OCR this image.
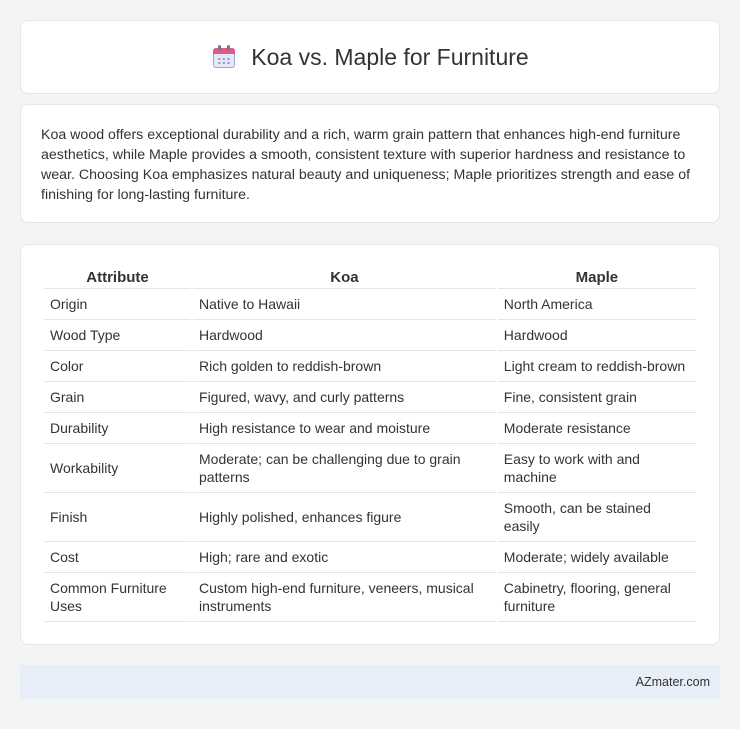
Koa vs. Maple for Furniture

Koa wood offers exceptional durability and a rich, warm grain pattern that enhances high-end furniture aesthetics, while Maple provides a smooth, consistent texture with superior hardness and resistance to wear. Choosing Koa emphasizes natural beauty and uniqueness; Maple prioritizes strength and ease of finishing for long-lasting furniture.

Attribute	Koa	Maple
Origin	Native to Hawaii	North America
Wood Type	Hardwood	Hardwood
Color	Rich golden to reddish-brown	Light cream to reddish-brown
Grain	Figured, wavy, and curly patterns	Fine, consistent grain
Durability	High resistance to wear and moisture	Moderate resistance
Workability	Moderate; can be challenging due to grain patterns	Easy to work with and machine
Finish	Highly polished, enhances figure	Smooth, can be stained easily
Cost	High; rare and exotic	Moderate; widely available
Common Furniture Uses	Custom high-end furniture, veneers, musical instruments	Cabinetry, flooring, general furniture
AZmater.com
